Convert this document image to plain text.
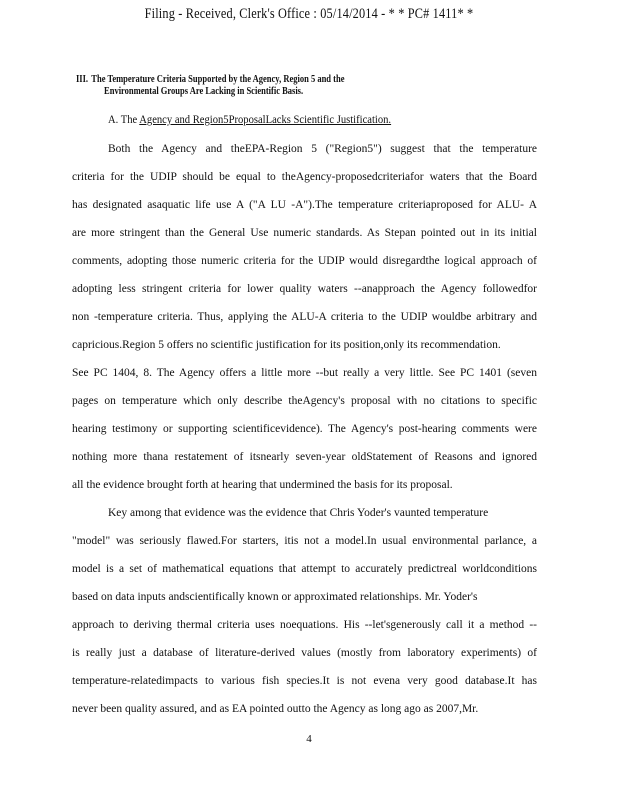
Filing - Received, Clerk's Office : 05/14/2014 - * * PC# 1411* *
III. The Temperature Criteria Supported by the Agency, Region 5 and the
Environmental Groups Are Lacking in Scientific Basis.
A. The Agency and Region5ProposalLacks Scientific Justification.
Both the Agency and theEPA-Region 5 ("Region5") suggest that the temperature
criteria for the UDIP should be equal to theAgency-proposedcriteriafor waters that the Board
has designated asaquatic life use A ("A LU -A").The temperature criteriaproposed for ALU- A
are more stringent than the General Use numeric standards. As Stepan pointed out in its initial
comments, adopting those numeric criteria for the UDIP would disregardthe logical approach of
adopting less stringent criteria for lower quality waters --anapproach the Agency followedfor
non -temperature criteria. Thus, applying the ALU-A criteria to the UDIP wouldbe arbitrary and
capricious.Region 5 offers no scientific justification for its position,only its recommendation.
See PC 1404, 8. The Agency offers a little more --but really a very little. See PC 1401 (seven
pages on temperature which only describe theAgency's proposal with no citations to specific
hearing testimony or supporting scientificevidence). The Agency's post-hearing comments were
nothing more thana restatement of itsnearly seven-year oldStatement of Reasons and ignored
all the evidence brought forth at hearing that undermined the basis for its proposal.
Key among that evidence was the evidence that Chris Yoder's vaunted temperature
"model" was seriously flawed.For starters, itis not a model.In usual environmental parlance, a
model is a set of mathematical equations that attempt to accurately predictreal worldconditions
based on data inputs andscientifically known or approximated relationships. Mr. Yoder's
approach to deriving thermal criteria uses noequations. His --let'sgenerously call it a method --
is really just a database of literature-derived values (mostly from laboratory experiments) of
temperature-relatedimpacts to various fish species.It is not evena very good database.It has
never been quality assured, and as EA pointed outto the Agency as long ago as 2007,Mr.
4
